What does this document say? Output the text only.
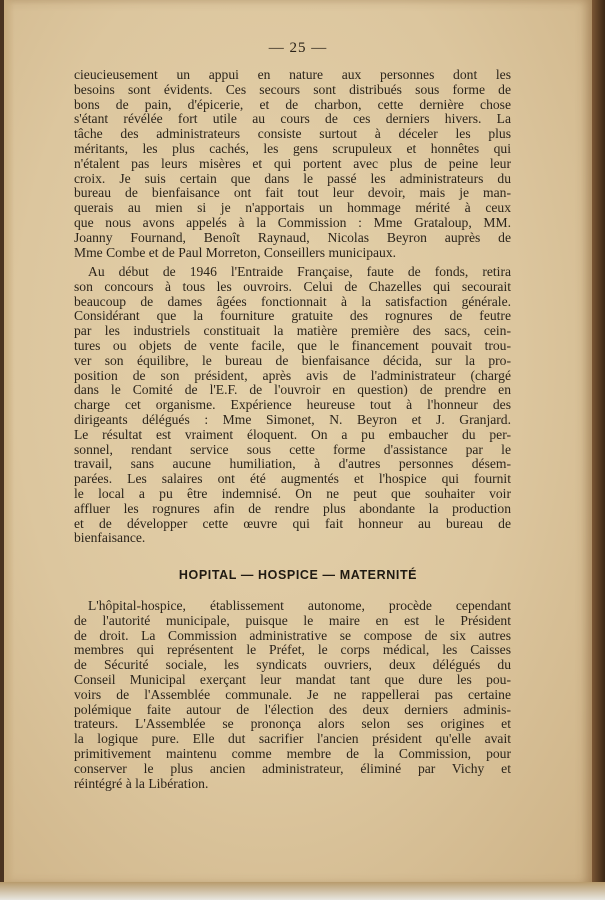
— 25 —
cieucieusement un appui en nature aux personnes dont les
besoins sont évidents. Ces secours sont distribués sous forme de
bons de pain, d'épicerie, et de charbon, cette dernière chose
s'étant révélée fort utile au cours de ces derniers hivers. La
tâche des administrateurs consiste surtout à déceler les plus
méritants, les plus cachés, les gens scrupuleux et honnêtes qui
n'étalent pas leurs misères et qui portent avec plus de peine leur
croix. Je suis certain que dans le passé les administrateurs du
bureau de bienfaisance ont fait tout leur devoir, mais je man-
querais au mien si je n'apportais un hommage mérité à ceux
que nous avons appelés à la Commission : Mme Grataloup, MM.
Joanny Fournand, Benoît Raynaud, Nicolas Beyron auprès de
Mme Combe et de Paul Morreton, Conseillers municipaux.
Au début de 1946 l'Entraide Française, faute de fonds, retira
son concours à tous les ouvroirs. Celui de Chazelles qui secourait
beaucoup de dames âgées fonctionnait à la satisfaction générale.
Considérant que la fourniture gratuite des rognures de feutre
par les industriels constituait la matière première des sacs, cein-
tures ou objets de vente facile, que le financement pouvait trou-
ver son équilibre, le bureau de bienfaisance décida, sur la pro-
position de son président, après avis de l'administrateur (chargé
dans le Comité de l'E.F. de l'ouvroir en question) de prendre en
charge cet organisme. Expérience heureuse tout à l'honneur des
dirigeants délégués : Mme Simonet, N. Beyron et J. Granjard.
Le résultat est vraiment éloquent. On a pu embaucher du per-
sonnel, rendant service sous cette forme d'assistance par le
travail, sans aucune humiliation, à d'autres personnes désem-
parées. Les salaires ont été augmentés et l'hospice qui fournit
le local a pu être indemnisé. On ne peut que souhaiter voir
affluer les rognures afin de rendre plus abondante la production
et de développer cette œuvre qui fait honneur au bureau de
bienfaisance.
HOPITAL — HOSPICE — MATERNITÉ
L'hôpital-hospice, établissement autonome, procède cependant
de l'autorité municipale, puisque le maire en est le Président
de droit. La Commission administrative se compose de six autres
membres qui représentent le Préfet, le corps médical, les Caisses
de Sécurité sociale, les syndicats ouvriers, deux délégués du
Conseil Municipal exerçant leur mandat tant que dure les pou-
voirs de l'Assemblée communale. Je ne rappellerai pas certaine
polémique faite autour de l'élection des deux derniers adminis-
trateurs. L'Assemblée se prononça alors selon ses origines et
la logique pure. Elle dut sacrifier l'ancien président qu'elle avait
primitivement maintenu comme membre de la Commission, pour
conserver le plus ancien administrateur, éliminé par Vichy et
réintégré à la Libération.
